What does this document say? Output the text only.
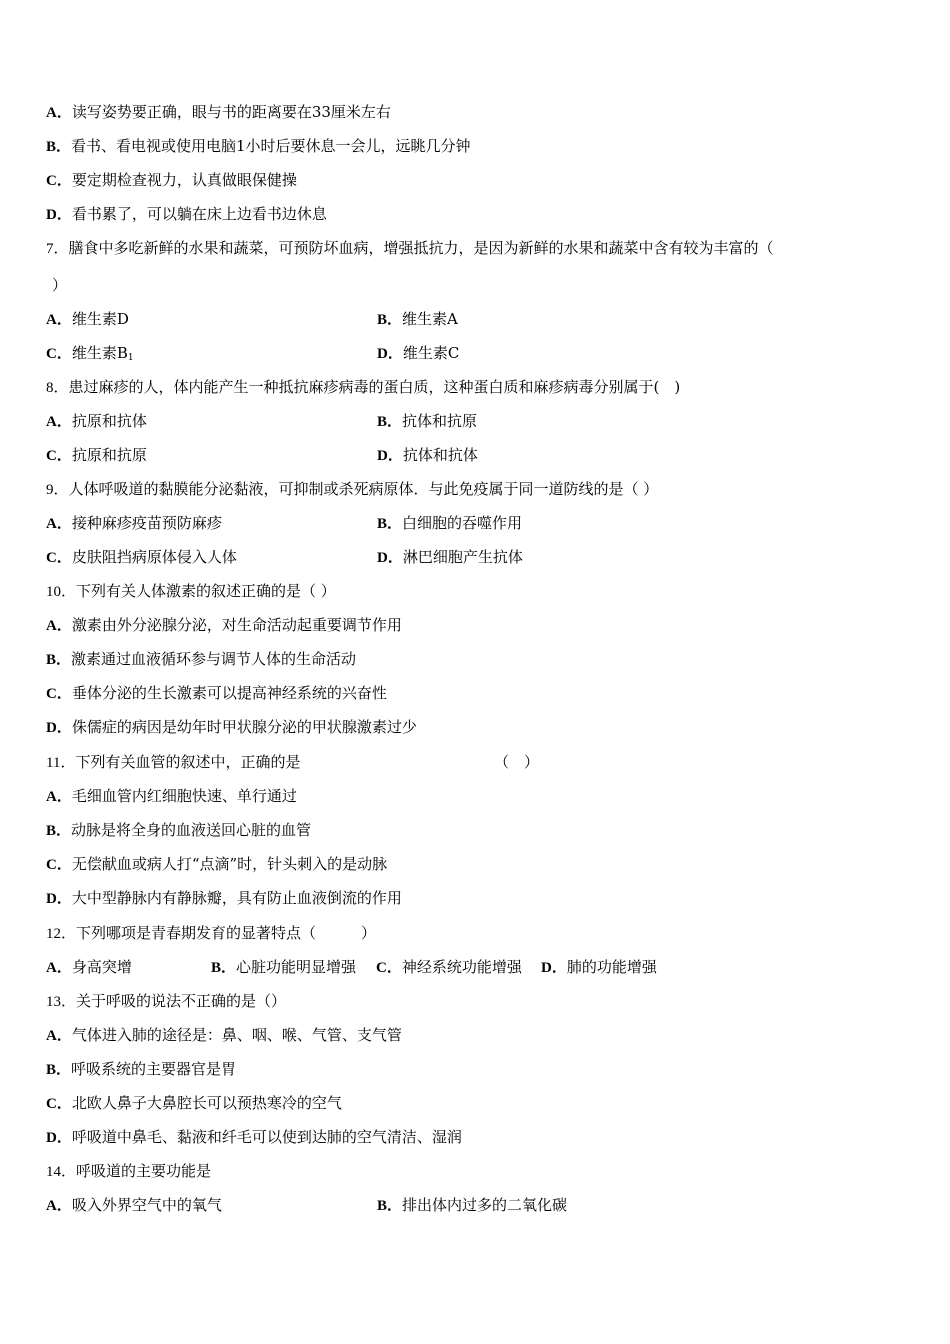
A．读写姿势要正确，眼与书的距离要在33厘米左右
B．看书、看电视或使用电脑1小时后要休息一会儿，远眺几分钟
C．要定期检查视力，认真做眼保健操
D．看书累了，可以躺在床上边看书边休息
7．膳食中多吃新鲜的水果和蔬菜，可预防坏血病，增强抵抗力，是因为新鲜的水果和蔬菜中含有较为丰富的（
）
A．维生素D	B．维生素A
C．维生素$B_1$	D．维生素C
8．患过麻疹的人，体内能产生一种抵抗麻疹病毒的蛋白质，这种蛋白质和麻疹病毒分别属于(　)
A．抗原和抗体	B．抗体和抗原
C．抗原和抗原	D．抗体和抗体
9．人体呼吸道的黏膜能分泌黏液，可抑制或杀死病原体．与此免疫属于同一道防线的是（ ）
A．接种麻疹疫苗预防麻疹	B．白细胞的吞噬作用
C．皮肤阻挡病原体侵入人体	D．淋巴细胞产生抗体
10．下列有关人体激素的叙述正确的是（ ）
A．激素由外分泌腺分泌，对生命活动起重要调节作用
B．激素通过血液循环参与调节人体的生命活动
C．垂体分泌的生长激素可以提高神经系统的兴奋性
D．侏儒症的病因是幼年时甲状腺分泌的甲状腺激素过少
11．下列有关血管的叙述中，正确的是	（　）
A．毛细血管内红细胞快速、单行通过
B．动脉是将全身的血液送回心脏的血管
C．无偿献血或病人打“点滴”时，针头刺入的是动脉
D．大中型静脉内有静脉瓣，具有防止血液倒流的作用
12．下列哪项是青春期发育的显著特点（　　　）
A．身高突增	B．心脏功能明显增强 C．神经系统功能增强 D．肺的功能增强
13．关于呼吸的说法不正确的是（）
A．气体进入肺的途径是：鼻、咽、喉、气管、支气管
B．呼吸系统的主要器官是胃
C．北欧人鼻子大鼻腔长可以预热寒冷的空气
D．呼吸道中鼻毛、黏液和纤毛可以使到达肺的空气清洁、湿润
14．呼吸道的主要功能是
A．吸入外界空气中的氧气	B．排出体内过多的二氧化碳
